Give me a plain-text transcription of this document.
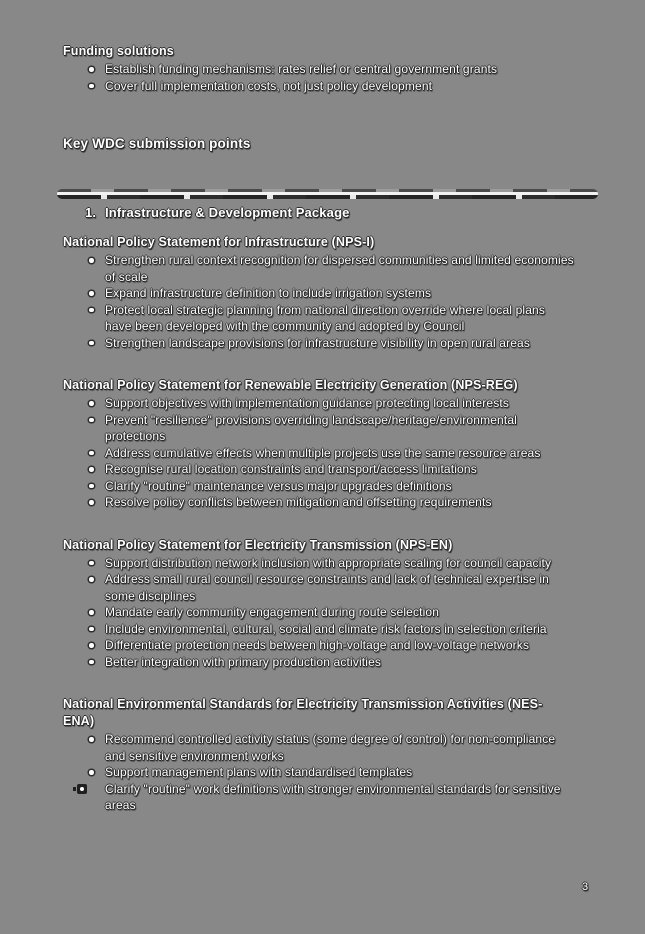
Funding solutions
Establish funding mechanisms: rates relief or central government grants
Cover full implementation costs, not just policy development
Key WDC submission points
1. Infrastructure & Development Package
National Policy Statement for Infrastructure (NPS-I)
Strengthen rural context recognition for dispersed communities and limited economies of scale
Expand infrastructure definition to include irrigation systems
Protect local strategic planning from national direction override where local plans have been developed with the community and adopted by Council
Strengthen landscape provisions for infrastructure visibility in open rural areas
National Policy Statement for Renewable Electricity Generation (NPS-REG)
Support objectives with implementation guidance protecting local interests
Prevent "resilience" provisions overriding landscape/heritage/environmental protections
Address cumulative effects when multiple projects use the same resource areas
Recognise rural location constraints and transport/access limitations
Clarify "routine" maintenance versus major upgrades definitions
Resolve policy conflicts between mitigation and offsetting requirements
National Policy Statement for Electricity Transmission (NPS-EN)
Support distribution network inclusion with appropriate scaling for council capacity
Address small rural council resource constraints and lack of technical expertise in some disciplines
Mandate early community engagement during route selection
Include environmental, cultural, social and climate risk factors in selection criteria
Differentiate protection needs between high-voltage and low-voltage networks
Better integration with primary production activities
National Environmental Standards for Electricity Transmission Activities (NES-ENA)
Recommend controlled activity status (some degree of control) for non-compliance and sensitive environment works
Support management plans with standardised templates
Clarify "routine" work definitions with stronger environmental standards for sensitive areas
3
